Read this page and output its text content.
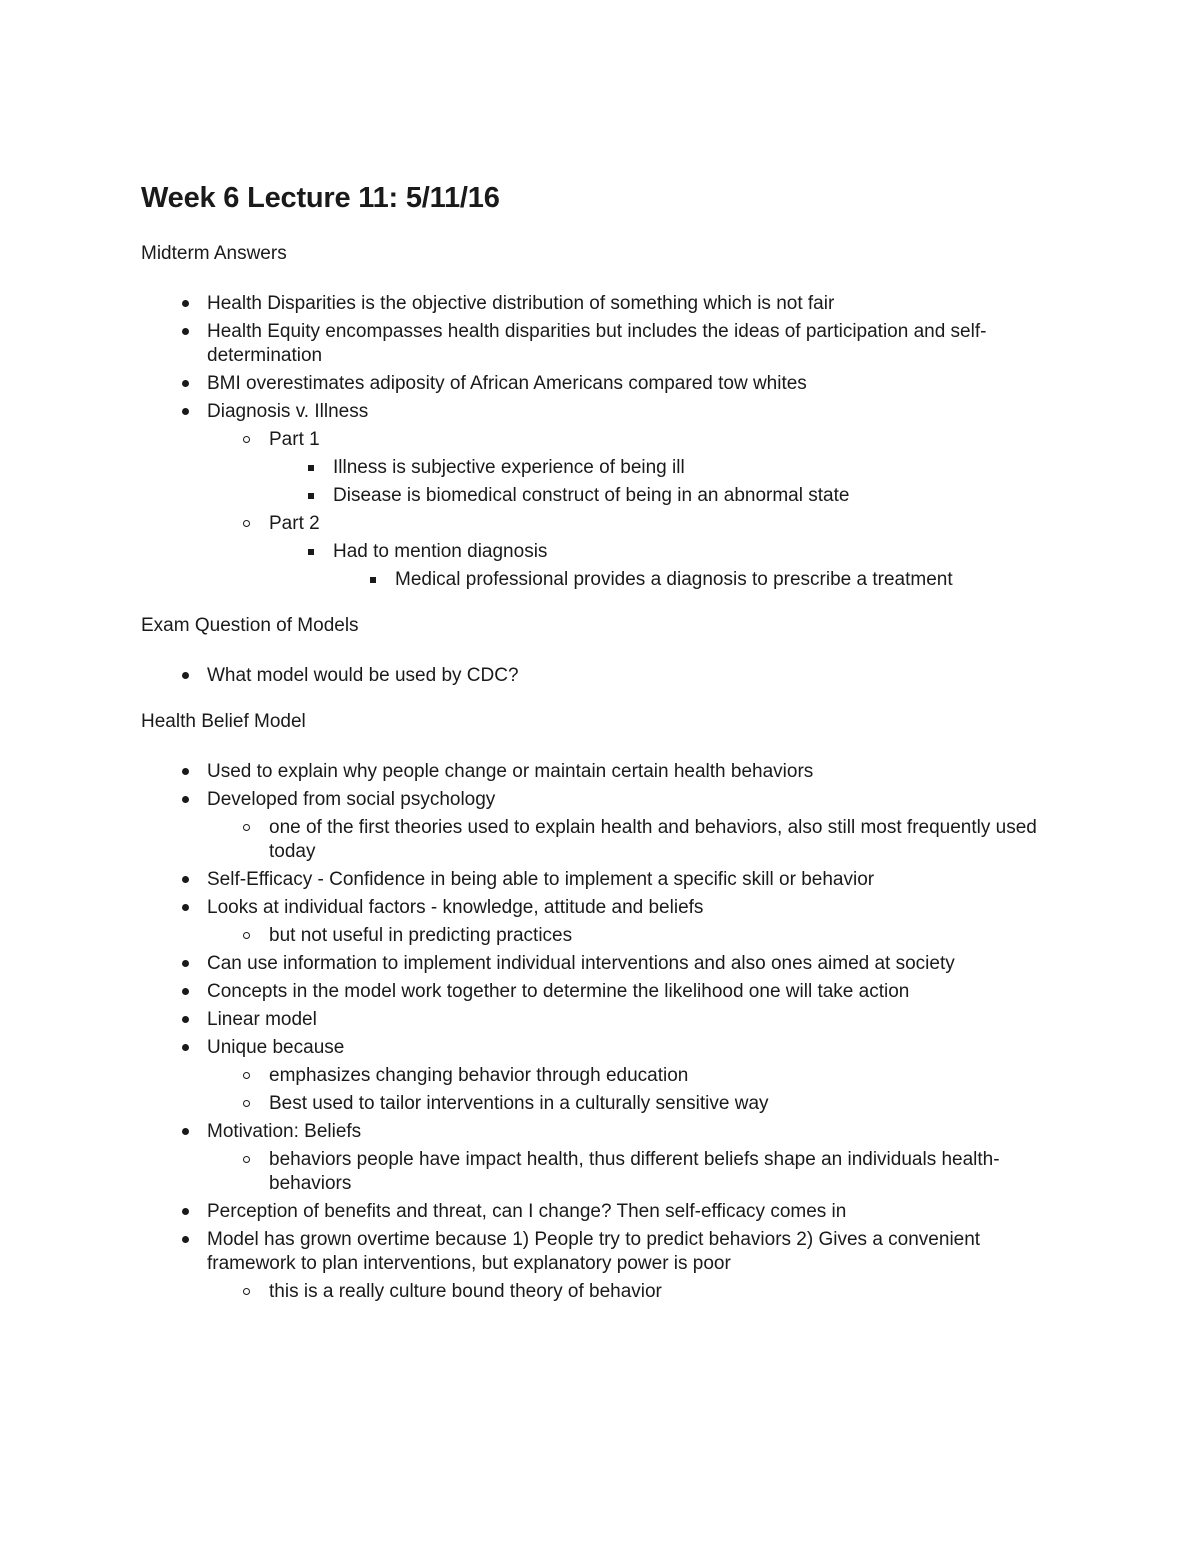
Week 6 Lecture 11: 5/11/16
Midterm Answers
Health Disparities is the objective distribution of something which is not fair
Health Equity encompasses health disparities but includes the ideas of participation and self-determination
BMI overestimates adiposity of African Americans compared tow whites
Diagnosis v. Illness
Part 1
Illness is subjective experience of being ill
Disease is biomedical construct of being in an abnormal state
Part 2
Had to mention diagnosis
Medical professional provides a diagnosis to prescribe a treatment
Exam Question of Models
What model would be used by CDC?
Health Belief Model
Used to explain why people change or maintain certain health behaviors
Developed from social psychology
one of the first theories used to explain health and behaviors, also still most frequently used today
Self-Efficacy - Confidence in being able to implement a specific skill or behavior
Looks at individual factors - knowledge, attitude and beliefs
but not useful in predicting practices
Can use information to implement individual interventions and also ones aimed at society
Concepts in the model work together to determine the likelihood one will take action
Linear model
Unique because
emphasizes changing behavior through education
Best used to tailor interventions in a culturally sensitive way
Motivation: Beliefs
behaviors people have impact health, thus different beliefs shape an individuals health-behaviors
Perception of benefits and threat, can I change? Then self-efficacy comes in
Model has grown overtime because 1) People try to predict behaviors 2) Gives a convenient framework to plan interventions, but explanatory power is poor
this is a really culture bound theory of behavior
